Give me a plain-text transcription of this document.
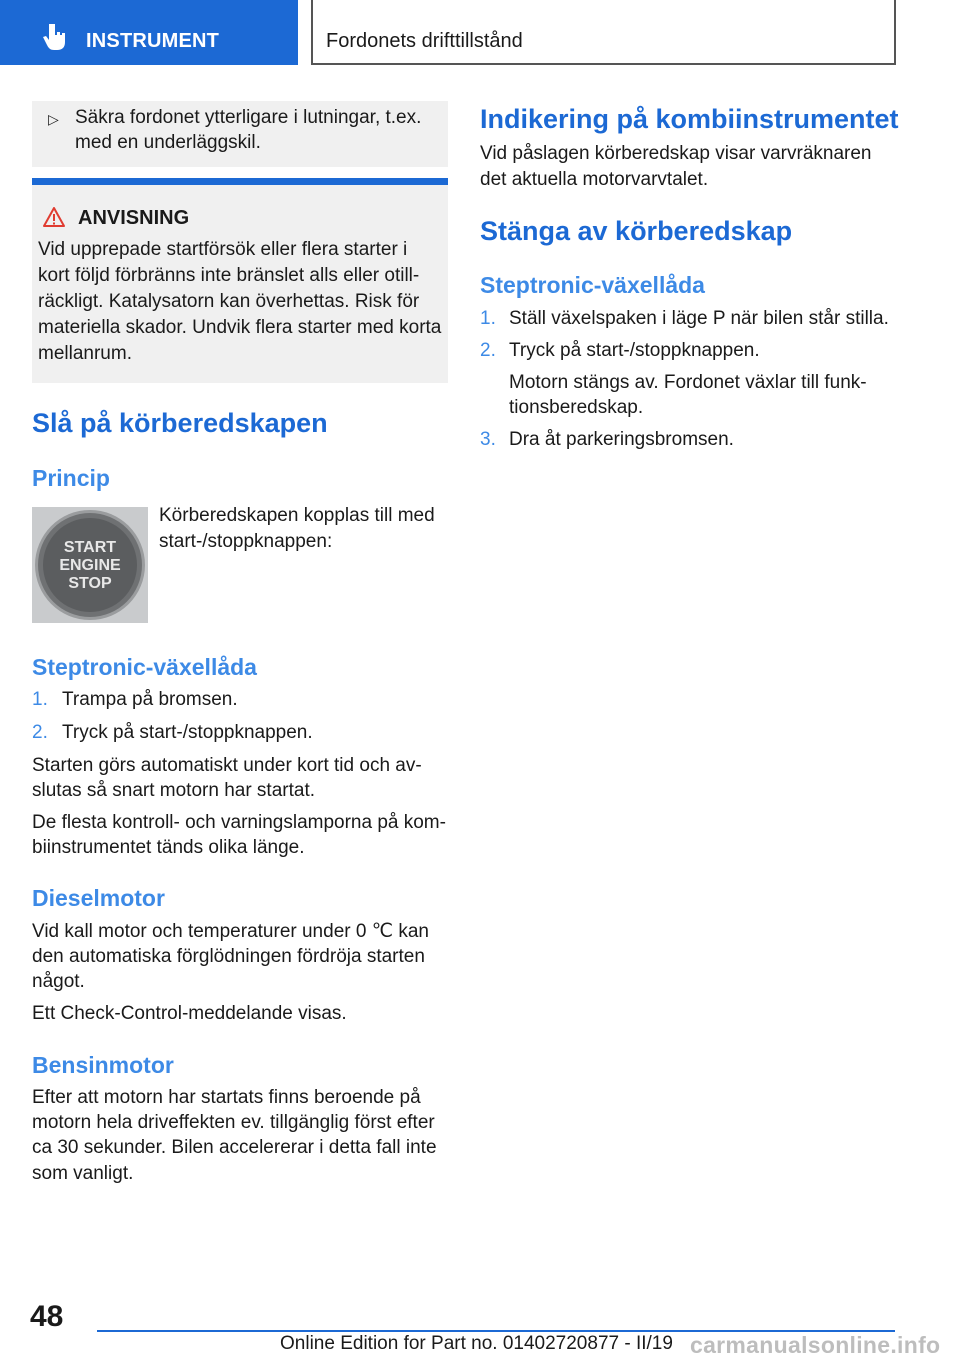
INSTRUMENT	Fordonets drifttillstånd
▷ Säkra fordonet ytterligare i lutningar, t.ex.

med en underläggskil.

ANVISNING

Vid upprepade startförsök eller flera starter i

kort följd förbränns inte bränslet alls eller otill‐

räckligt. Katalysatorn kan överhettas. Risk för

materiella skador. Undvik flera starter med korta

mellanrum.

Slå på körberedskapen
Princip
START
ENGINE
STOP

Körberedskapen kopplas till med

start-/stoppknappen:

Steptronic-växellåda
1. Trampa på bromsen.

2. Tryck på start-/stoppknappen.

Starten görs automatiskt under kort tid och av‐

slutas så snart motorn har startat.

De flesta kontroll- och varningslamporna på kom‐

biinstrumentet tänds olika länge.

Dieselmotor

Vid kall motor och temperaturer under 0 ℃ kan

den automatiska förglödningen fördröja starten

något.

Ett Check-Control-meddelande visas.

Bensinmotor

Efter att motorn har startats finns beroende på

motorn hela driveffekten ev. tillgänglig först efter

ca 30 sekunder. Bilen accelererar i detta fall inte

som vanligt.

Indikering på kombiinstrumentet

Vid påslagen körberedskap visar varvräknaren

det aktuella motorvarvtalet.

Stänga av körberedskap
Steptronic-växellåda
1. Ställ växelspaken i läge P när bilen står stilla.

2. Tryck på start-/stoppknappen.

Motorn stängs av. Fordonet växlar till funk‐

tionsberedskap.

3. Dra åt parkeringsbromsen.

48
Online Edition for Part no. 01402720877 - II/19 carmanualsonline.info
